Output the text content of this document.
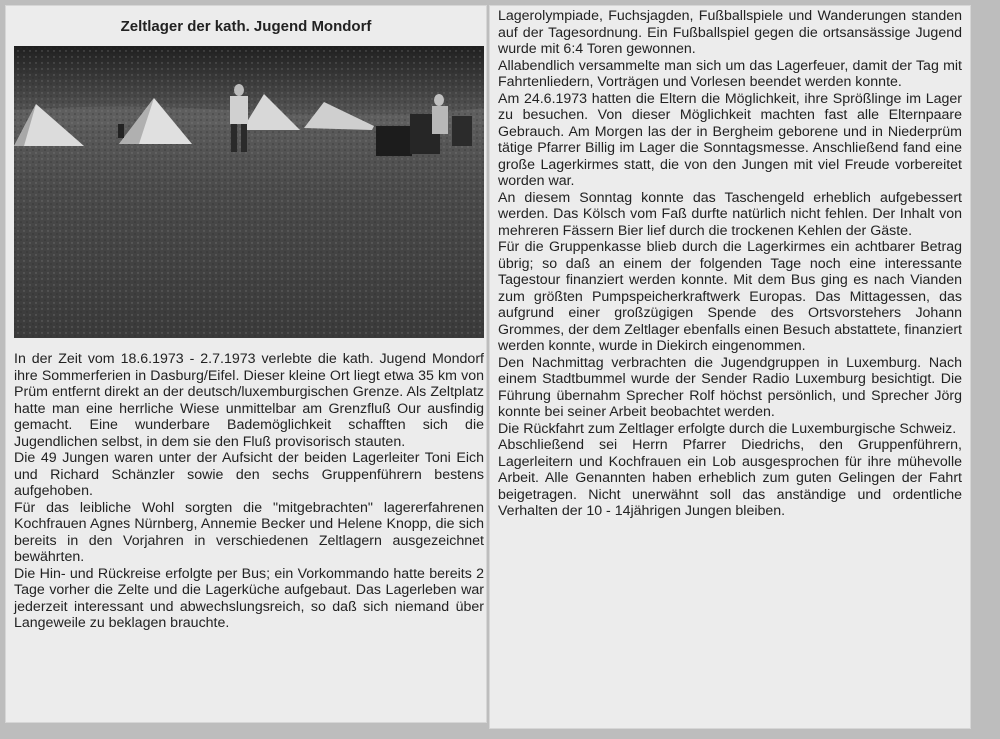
Zeltlager der kath. Jugend Mondorf

In der Zeit vom 18.6.1973 - 2.7.1973 verlebte die kath. Jugend Mondorf ihre Sommerferien in Dasburg/Eifel. Dieser kleine Ort liegt etwa 35 km von Prüm entfernt direkt an der deutsch/luxemburgischen Grenze. Als Zeltplatz hatte man eine herrliche Wiese unmittelbar am Grenzfluß Our ausfindig gemacht. Eine wunderbare Bademöglichkeit schafften sich die Jugendlichen selbst, in dem sie den Fluß provisorisch stauten.
Die 49 Jungen waren unter der Aufsicht der beiden Lagerleiter Toni Eich und Richard Schänzler sowie den sechs Gruppenführern bestens aufgehoben.
Für das leibliche Wohl sorgten die "mitgebrachten" lagererfahrenen Kochfrauen Agnes Nürnberg, Annemie Becker und Helene Knopp, die sich bereits in den Vorjahren in verschiedenen Zeltlagern ausgezeichnet bewährten.
Die Hin- und Rückreise erfolgte per Bus; ein Vorkommando hatte bereits 2 Tage vorher die Zelte und die Lagerküche aufgebaut. Das Lagerleben war jederzeit interessant und abwechslungsreich, so daß sich niemand über Langeweile zu beklagen brauchte.

Lagerolympiade, Fuchsjagden, Fußballspiele und Wanderungen standen auf der Tagesordnung. Ein Fußballspiel gegen die ortsansässige Jugend wurde mit 6:4 Toren gewonnen.
Allabendlich versammelte man sich um das Lagerfeuer, damit der Tag mit Fahrtenliedern, Vorträgen und Vorlesen beendet werden konnte.
Am 24.6.1973 hatten die Eltern die Möglichkeit, ihre Sprößlinge im Lager zu besuchen. Von dieser Möglichkeit machten fast alle Elternpaare Gebrauch. Am Morgen las der in Bergheim geborene und in Niederprüm tätige Pfarrer Billig im Lager die Sonntagsmesse. Anschließend fand eine große Lagerkirmes statt, die von den Jungen mit viel Freude vorbereitet worden war.
An diesem Sonntag konnte das Taschengeld erheblich aufgebessert werden. Das Kölsch vom Faß durfte natürlich nicht fehlen. Der Inhalt von mehreren Fässern Bier lief durch die trockenen Kehlen der Gäste.
Für die Gruppenkasse blieb durch die Lagerkirmes ein achtbarer Betrag übrig; so daß an einem der folgenden Tage noch eine interessante Tagestour finanziert werden konnte. Mit dem Bus ging es nach Vianden zum größten Pumpspeicherkraftwerk Europas. Das Mittagessen, das aufgrund einer großzügigen Spende des Ortsvorstehers Johann Grommes, der dem Zeltlager ebenfalls einen Besuch abstattete, finanziert werden konnte, wurde in Diekirch eingenommen.
Den Nachmittag verbrachten die Jugendgruppen in Luxemburg. Nach einem Stadtbummel wurde der Sender Radio Luxemburg besichtigt. Die Führung übernahm Sprecher Rolf höchst persönlich, und Sprecher Jörg konnte bei seiner Arbeit beobachtet werden.
Die Rückfahrt zum Zeltlager erfolgte durch die Luxemburgische Schweiz.
Abschließend sei Herrn Pfarrer Diedrichs, den Gruppenführern, Lagerleitern und Kochfrauen ein Lob ausgesprochen für ihre mühevolle Arbeit. Alle Genannten haben erheblich zum guten Gelingen der Fahrt beigetragen. Nicht unerwähnt soll das anständige und ordentliche Verhalten der 10 - 14jährigen Jungen bleiben.
